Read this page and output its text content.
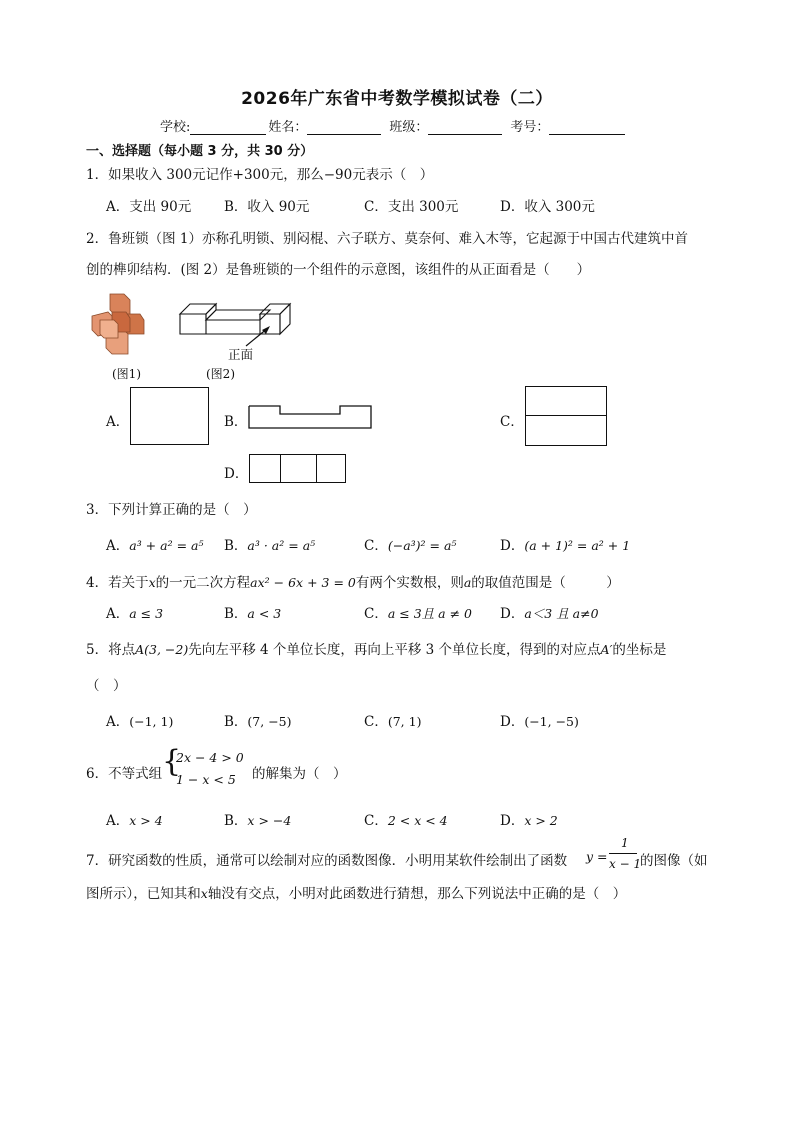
2026年广东省中考数学模拟试卷（二）
学校:	姓名：	班级：	考号：
一、选择题（每小题 3 分，共 30 分）
1．如果收入 300元记作+300元，那么−90元表示（　）
A．支出 90元 B．收入 90元	C．支出 300元	D．收入 300元
2．鲁班锁（图 1）亦称孔明锁、别闷棍、六子联方、莫奈何、难入木等，它起源于中国古代建筑中首
创的榫卯结构．(图 2）是鲁班锁的一个组件的示意图，该组件的从正面看是（　　）
(图1)
正面
(图2)
A．	B．	C．
D．
3．下列计算正确的是（　）
A．a³ + a² = a⁵ B．a³ · a² = a⁵	C．(−a³)² = a⁵	D．(a + 1)² = a² + 1
4．若关于x的一元二次方程ax² − 6x + 3 = 0有两个实数根，则a的取值范围是（　　　）
A．a ≤ 3	B．a < 3	C．a ≤ 3且 a ≠ 0 D．a＜3 且 a≠0
5．将点A(3, −2)先向左平移 4 个单位长度，再向上平移 3 个单位长度，得到的对应点A′的坐标是
（　）
A．(−1, 1)	B．(7, −5)	C．(7, 1)	D．(−1, −5)
6．不等式组 {
2x − 4 > 0
1 − x < 5 的解集为（　）
A．x > 4	B．x > −4	C．2 < x < 4	D．x > 2
7．研究函数的性质，通常可以绘制对应的函数图像．小明用某软件绘制出了函数 y =
1
x − 1
的图像（如
图所示），已知其和x轴没有交点，小明对此函数进行猜想，那么下列说法中正确的是（　）
